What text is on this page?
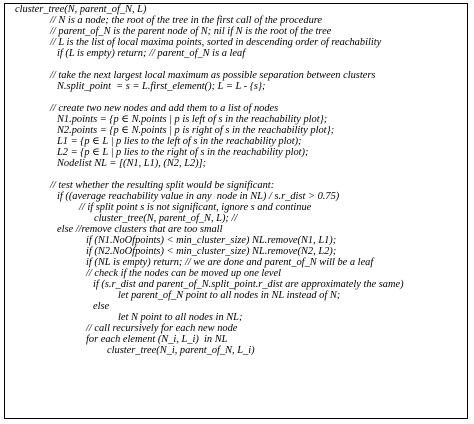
cluster_tree(N, parent_of_N, L)
// N is a node; the root of the tree in the first call of the procedure
// parent_of_N is the parent node of N; nil if N is the root of the tree
// L is the list of local maxima points, sorted in descending order of reachability
if (L is empty) return; // parent_of_N is a leaf
// take the next largest local maximum as possible separation between clusters
N.split_point  = s = L.first_element(); L = L - {s};
// create two new nodes and add them to a list of nodes
N1.points = {p ∈ N.points | p is left of s in the reachability plot};
N2.points = {p ∈ N.points | p is right of s in the reachability plot};
L1 = {p ∈ L | p lies to the left of s in the reachability plot);
L2 = {p ∈ L | p lies to the right of s in the reachability plot);
Nodelist NL = [(N1, L1), (N2, L2)];
// test whether the resulting split would be significant:
if ((average reachability value in any  node in NL) / s.r_dist > 0.75)
// if split point s is not significant, ignore s and continue
cluster_tree(N, parent_of_N, L); //
else //remove clusters that are too small
if (N1.NoOfpoints) < min_cluster_size) NL.remove(N1, L1);
if (N2.NoOfpoints) < min_cluster_size) NL.remove(N2, L2);
if (NL is empty) return; // we are done and parent_of_N will be a leaf
// check if the nodes can be moved up one level
if (s.r_dist and parent_of_N.split_point.r_dist are approximately the same)
let parent_of_N point to all nodes in NL instead of N;
else
let N point to all nodes in NL;
// call recursively for each new node
for each element (N_i, L_i)  in NL
cluster_tree(N_i, parent_of_N, L_i)
